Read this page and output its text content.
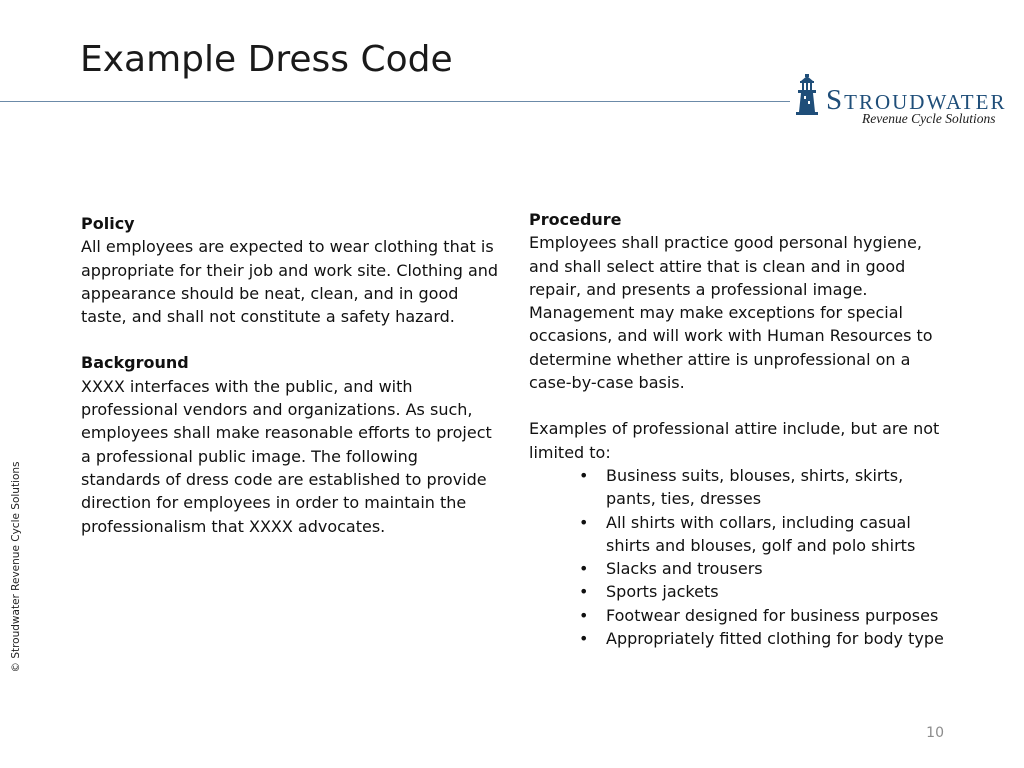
Example Dress Code
STROUDWATER
Revenue Cycle Solutions
© Stroudwater Revenue Cycle Solutions
Policy
All employees are expected to wear clothing that is appropriate for their job and work site. Clothing and appearance should be neat, clean, and in good taste, and shall not constitute a safety hazard.
Background
XXXX interfaces with the public, and with professional vendors and organizations. As such, employees shall make reasonable efforts to project a professional public image. The following standards of dress code are established to provide direction for employees in order to maintain the professionalism that XXXX advocates.
Procedure
Employees shall practice good personal hygiene, and shall select attire that is clean and in good repair, and presents a professional image. Management may make exceptions for special occasions, and will work with Human Resources to determine whether attire is unprofessional on a case-by-case basis.
Examples of professional attire include, but are not limited to:
• Business suits, blouses, shirts, skirts, pants, ties, dresses
• All shirts with collars, including casual shirts and blouses, golf and polo shirts
• Slacks and trousers
• Sports jackets
• Footwear designed for business purposes
• Appropriately fitted clothing for body type
10
